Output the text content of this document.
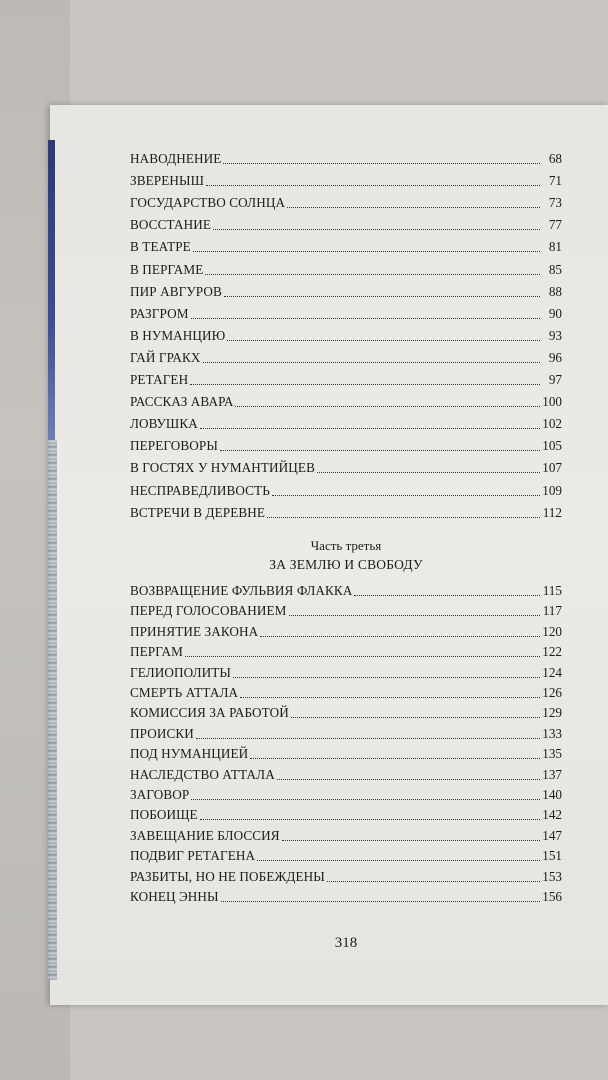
НАВОДНЕНИЕ	68
ЗВЕРЕНЫШ	71
ГОСУДАРСТВО СОЛНЦА	73
ВОССТАНИЕ	77
В ТЕАТРЕ	81
В ПЕРГАМЕ	85
ПИР АВГУРОВ	88
РАЗГРОМ	90
В НУМАНЦИЮ	93
ГАЙ ГРАКХ	96
РЕТАГЕН	97
РАССКАЗ АВАРА	100
ЛОВУШКА	102
ПЕРЕГОВОРЫ	105
В ГОСТЯХ У НУМАНТИЙЦЕВ	107
НЕСПРАВЕДЛИВОСТЬ	109
ВСТРЕЧИ В ДЕРЕВНЕ	112
ВОЗВРАЩЕНИЕ ФУЛЬВИЯ ФЛАККА	115
ПЕРЕД ГОЛОСОВАНИЕМ	117
ПРИНЯТИЕ ЗАКОНА	120
ПЕРГАМ	122
ГЕЛИОПОЛИТЫ	124
СМЕРТЬ АТТАЛА	126
КОМИССИЯ ЗА РАБОТОЙ	129
ПРОИСКИ	133
ПОД НУМАНЦИЕЙ	135
НАСЛЕДСТВО АТТАЛА	137
ЗАГОВОР	140
ПОБОИЩЕ	142
ЗАВЕЩАНИЕ БЛОССИЯ	147
ПОДВИГ РЕТАГЕНА	151
РАЗБИТЫ, НО НЕ ПОБЕЖДЕНЫ	153
КОНЕЦ ЭННЫ	156
Часть третья
ЗА ЗЕМЛЮ И СВОБОДУ
318
